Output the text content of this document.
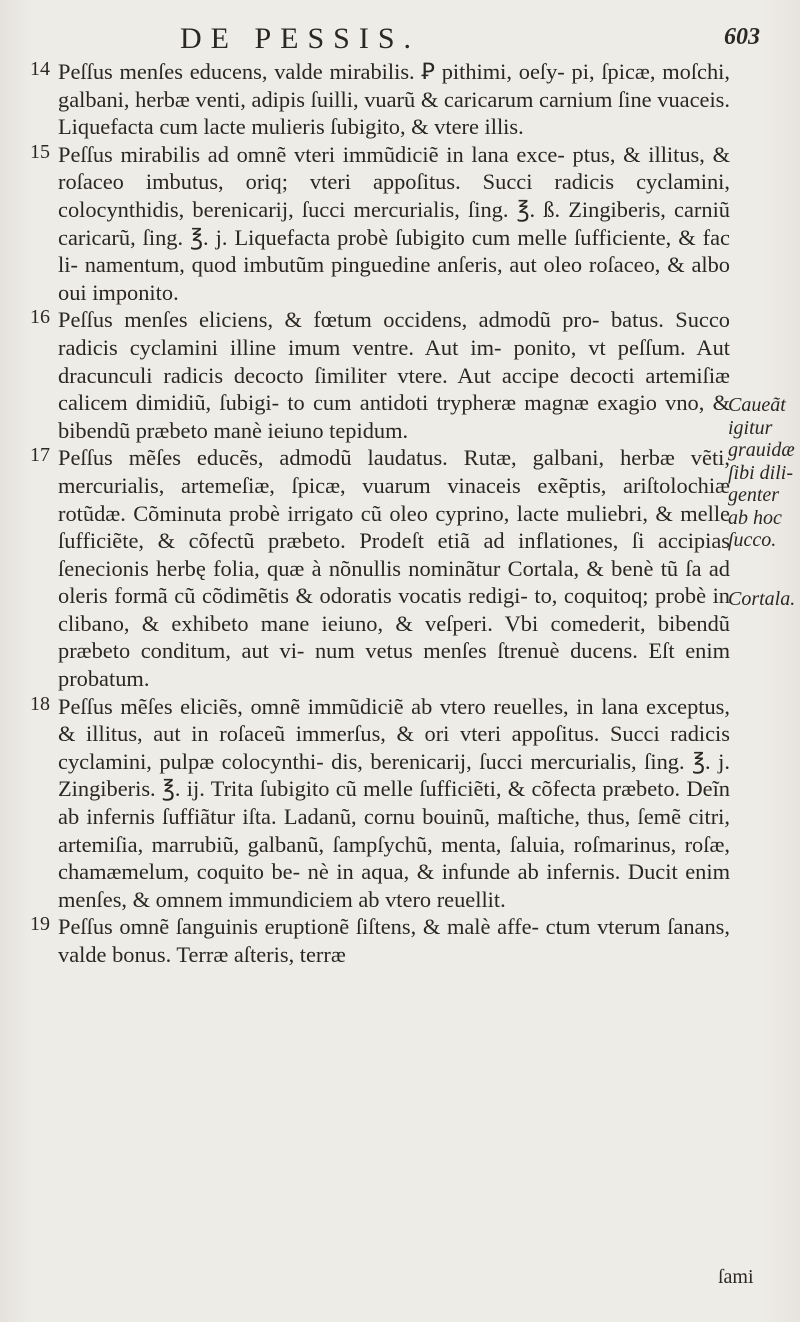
DE PESSIS.	603
14 Peſſus menſes educens, valde mirabilis. Ꝑ pithimi, oeſy- pi, ſpicæ, moſchi, galbani, herbæ venti, adipis ſuilli, vuarũ & caricarum carnium ſine vuaceis. Liquefacta cum lacte mulieris ſubigito, & vtere illis.

15 Peſſus mirabilis ad omnẽ vteri immũdiciẽ in lana exce- ptus, & illitus, & roſaceo imbutus, oriq; vteri appoſitus. Succi radicis cyclamini, colocynthidis, berenicarij, ſucci mercurialis, ſing. ℥. ß. Zingiberis, carniũ caricarũ, ſing. ℥. j. Liquefacta probè ſubigito cum melle ſufficiente, & fac li- namentum, quod imbutũm pinguedine anſeris, aut oleo roſaceo, & albo oui imponito.

16 Peſſus menſes eliciens, & fœtum occidens, admodũ pro- batus. Succo radicis cyclamini illine imum ventre. Aut im- ponito, vt peſſum. Aut dracunculi radicis decocto ſimiliter vtere. Aut accipe decocti artemiſiæ calicem dimidiũ, ſubigi- to cum antidoti trypheræ magnæ exagio vno, & bibendũ præbeto manè ieiuno tepidum.

17 Peſſus mẽſes educẽs, admodũ laudatus. Rutæ, galbani, herbæ vẽti, mercurialis, artemeſiæ, ſpicæ, vuarum vinaceis exẽptis, ariſtolochiæ rotũdæ. Cõminuta probè irrigato cũ oleo cyprino, lacte muliebri, & melle ſufficiẽte, & cõfectũ præbeto. Prodeſt etiã ad inflationes, ſi accipias ſenecionis herbę folia, quæ à nõnullis nominãtur Cortala, & benè tũ ſa ad oleris formã cũ cõdimẽtis & odoratis vocatis redigi- to, coquitoq; probè in clibano, & exhibeto mane ieiuno, & veſperi. Vbi comederit, bibendũ præbeto conditum, aut vi- num vetus menſes ſtrenuè ducens. Eſt enim probatum.

18 Peſſus mẽſes eliciẽs, omnẽ immũdiciẽ ab vtero reuelles, in lana exceptus, & illitus, aut in roſaceũ immerſus, & ori vteri appoſitus. Succi radicis cyclamini, pulpæ colocynthi- dis, berenicarij, ſucci mercurialis, ſing. ℥. j. Zingiberis. ℥. ij. Trita ſubigito cũ melle ſufficiẽti, & cõfecta præbeto. Deĩn ab infernis ſuffiãtur iſta. Ladanũ, cornu bouinũ, maſtiche, thus, ſemẽ citri, artemiſia, marrubiũ, galbanũ, ſampſychũ, menta, ſaluia, roſmarinus, roſæ, chamæmelum, coquito be- nè in aqua, & infunde ab infernis. Ducit enim menſes, & omnem immundiciem ab vtero reuellit.

19 Peſſus omnẽ ſanguinis eruptionẽ ſiſtens, & malè affe- ctum vterum ſanans, valde bonus. Terræ aſteris, terræ

Caueãt igitur grauidæ ſibi dili- genter ab hoc ſucco.
Cortala.
ſami
